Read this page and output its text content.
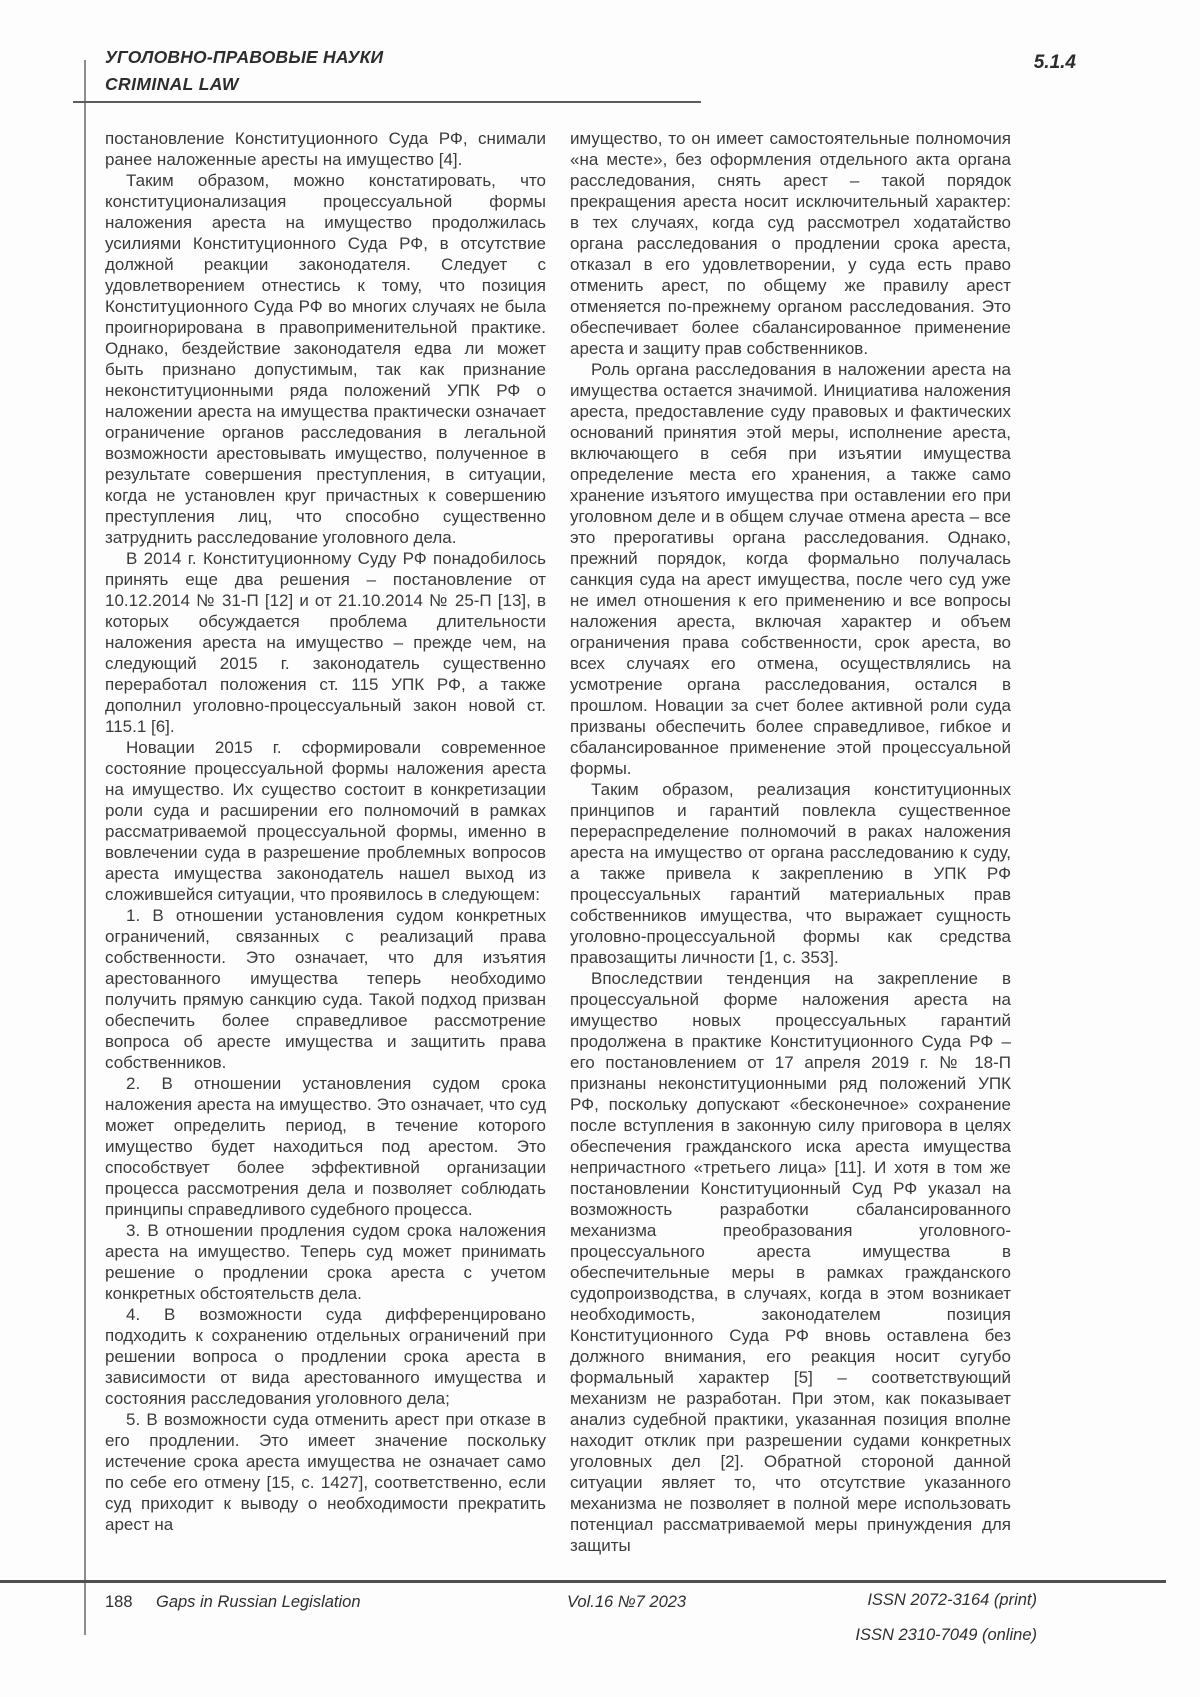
УГОЛОВНО-ПРАВОВЫЕ НАУКИ
CRIMINAL LAW
5.1.4

постановление Конституционного Суда РФ, снимали ранее наложенные аресты на имущество [4].

Таким образом, можно констатировать, что конституционализация процессуальной формы наложения ареста на имущество продолжилась усилиями Конституционного Суда РФ, в отсутствие должной реакции законодателя. Следует с удовлетворением отнестись к тому, что позиция Конституционного Суда РФ во многих случаях не была проигнорирована в правоприменительной практике. Однако, бездействие законодателя едва ли может быть признано допустимым, так как признание неконституционными ряда положений УПК РФ о наложении ареста на имущества практически означает ограничение органов расследования в легальной возможности арестовывать имущество, полученное в результате совершения преступления, в ситуации, когда не установлен круг причастных к совершению преступления лиц, что способно существенно затруднить расследование уголовного дела.

В 2014 г. Конституционному Суду РФ понадобилось принять еще два решения – постановление от 10.12.2014 № 31-П [12] и от 21.10.2014 № 25-П [13], в которых обсуждается проблема длительности наложения ареста на имущество – прежде чем, на следующий 2015 г. законодатель существенно переработал положения ст. 115 УПК РФ, а также дополнил уголовно-процессуальный закон новой ст. 115.1 [6].

Новации 2015 г. сформировали современное состояние процессуальной формы наложения ареста на имущество. Их существо состоит в конкретизации роли суда и расширении его полномочий в рамках рассматриваемой процессуальной формы, именно в вовлечении суда в разрешение проблемных вопросов ареста имущества законодатель нашел выход из сложившейся ситуации, что проявилось в следующем:

1. В отношении установления судом конкретных ограничений, связанных с реализаций права собственности. Это означает, что для изъятия арестованного имущества теперь необходимо получить прямую санкцию суда. Такой подход призван обеспечить более справедливое рассмотрение вопроса об аресте имущества и защитить права собственников.

2. В отношении установления судом срока наложения ареста на имущество. Это означает, что суд может определить период, в течение которого имущество будет находиться под арестом. Это способствует более эффективной организации процесса рассмотрения дела и позволяет соблюдать принципы справедливого судебного процесса.

3. В отношении продления судом срока наложения ареста на имущество. Теперь суд может принимать решение о продлении срока ареста с учетом конкретных обстоятельств дела.

4. В возможности суда дифференцировано подходить к сохранению отдельных ограничений при решении вопроса о продлении срока ареста в зависимости от вида арестованного имущества и состояния расследования уголовного дела;

5. В возможности суда отменить арест при отказе в его продлении. Это имеет значение поскольку истечение срока ареста имущества не означает само по себе его отмену [15, с. 1427], соответственно, если суд приходит к выводу о необходимости прекратить арест на

имущество, то он имеет самостоятельные полномочия «на месте», без оформления отдельного акта органа расследования, снять арест – такой порядок прекращения ареста носит исключительный характер: в тех случаях, когда суд рассмотрел ходатайство органа расследования о продлении срока ареста, отказал в его удовлетворении, у суда есть право отменить арест, по общему же правилу арест отменяется по-прежнему органом расследования. Это обеспечивает более сбалансированное применение ареста и защиту прав собственников.

Роль органа расследования в наложении ареста на имущества остается значимой. Инициатива наложения ареста, предоставление суду правовых и фактических оснований принятия этой меры, исполнение ареста, включающего в себя при изъятии имущества определение места его хранения, а также само хранение изъятого имущества при оставлении его при уголовном деле и в общем случае отмена ареста – все это прерогативы органа расследования. Однако, прежний порядок, когда формально получалась санкция суда на арест имущества, после чего суд уже не имел отношения к его применению и все вопросы наложения ареста, включая характер и объем ограничения права собственности, срок ареста, во всех случаях его отмена, осуществлялись на усмотрение органа расследования, остался в прошлом. Новации за счет более активной роли суда призваны обеспечить более справедливое, гибкое и сбалансированное применение этой процессуальной формы.

Таким образом, реализация конституционных принципов и гарантий повлекла существенное перераспределение полномочий в раках наложения ареста на имущество от органа расследованию к суду, а также привела к закреплению в УПК РФ процессуальных гарантий материальных прав собственников имущества, что выражает сущность уголовно-процессуальной формы как средства правозащиты личности [1, с. 353].

Впоследствии тенденция на закрепление в процессуальной форме наложения ареста на имущество новых процессуальных гарантий продолжена в практике Конституционного Суда РФ – его постановлением от 17 апреля 2019 г. № 18-П признаны неконституционными ряд положений УПК РФ, поскольку допускают «бесконечное» сохранение после вступления в законную силу приговора в целях обеспечения гражданского иска ареста имущества непричастного «третьего лица» [11]. И хотя в том же постановлении Конституционный Суд РФ указал на возможность разработки сбалансированного механизма преобразования уголовного-процессуального ареста имущества в обеспечительные меры в рамках гражданского судопроизводства, в случаях, когда в этом возникает необходимость, законодателем позиция Конституционного Суда РФ вновь оставлена без должного внимания, его реакция носит сугубо формальный характер [5] – соответствующий механизм не разработан. При этом, как показывает анализ судебной практики, указанная позиция вполне находит отклик при разрешении судами конкретных уголовных дел [2]. Обратной стороной данной ситуации являет то, что отсутствие указанного механизма не позволяет в полной мере использовать потенциал рассматриваемой меры принуждения для защиты

188 Gaps in Russian Legislation	Vol.16 №7 2023	ISSN 2072-3164 (print)
ISSN 2310-7049 (online)
